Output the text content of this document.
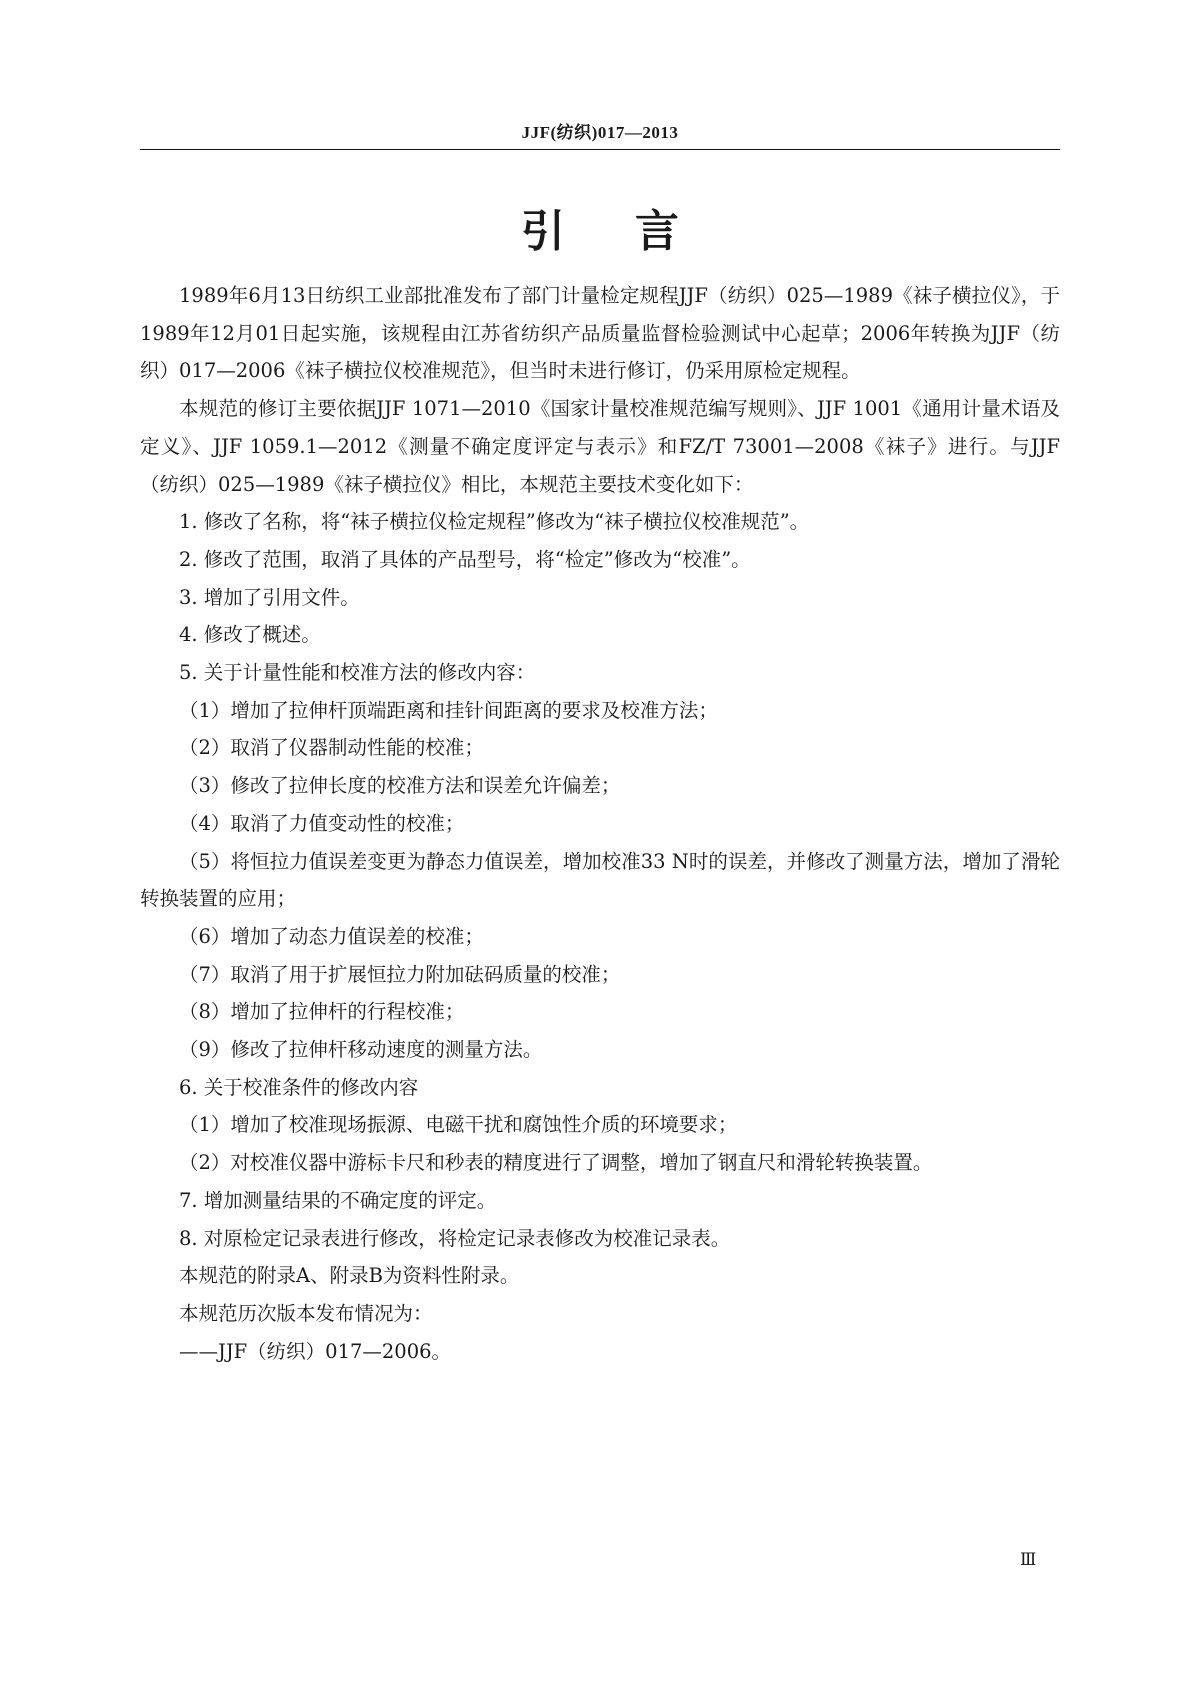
JJF(纺织)017—2013
引言

1989年6月13日纺织工业部批准发布了部门计量检定规程JJF（纺织）025—1989《袜子横拉仪》，于1989年12月01日起实施，该规程由江苏省纺织产品质量监督检验测试中心起草；2006年转换为JJF（纺织）017—2006《袜子横拉仪校准规范》，但当时未进行修订，仍采用原检定规程。

本规范的修订主要依据JJF 1071—2010《国家计量校准规范编写规则》、JJF 1001《通用计量术语及定义》、JJF 1059.1—2012《测量不确定度评定与表示》和FZ/T 73001—2008《袜子》进行。与JJF（纺织）025—1989《袜子横拉仪》相比，本规范主要技术变化如下：

1. 修改了名称，将“袜子横拉仪检定规程”修改为“袜子横拉仪校准规范”。

2. 修改了范围，取消了具体的产品型号，将“检定”修改为“校准”。

3. 增加了引用文件。

4. 修改了概述。

5. 关于计量性能和校准方法的修改内容：

（1）增加了拉伸杆顶端距离和挂针间距离的要求及校准方法；

（2）取消了仪器制动性能的校准；

（3）修改了拉伸长度的校准方法和误差允许偏差；

（4）取消了力值变动性的校准；

（5）将恒拉力值误差变更为静态力值误差，增加校准33 N时的误差，并修改了测量方法，增加了滑轮转换装置的应用；

（6）增加了动态力值误差的校准；

（7）取消了用于扩展恒拉力附加砝码质量的校准；

（8）增加了拉伸杆的行程校准；

（9）修改了拉伸杆移动速度的测量方法。

6. 关于校准条件的修改内容

（1）增加了校准现场振源、电磁干扰和腐蚀性介质的环境要求；

（2）对校准仪器中游标卡尺和秒表的精度进行了调整，增加了钢直尺和滑轮转换装置。

7. 增加测量结果的不确定度的评定。

8. 对原检定记录表进行修改，将检定记录表修改为校准记录表。

本规范的附录A、附录B为资料性附录。

本规范历次版本发布情况为：

——JJF（纺织）017—2006。

Ⅲ
